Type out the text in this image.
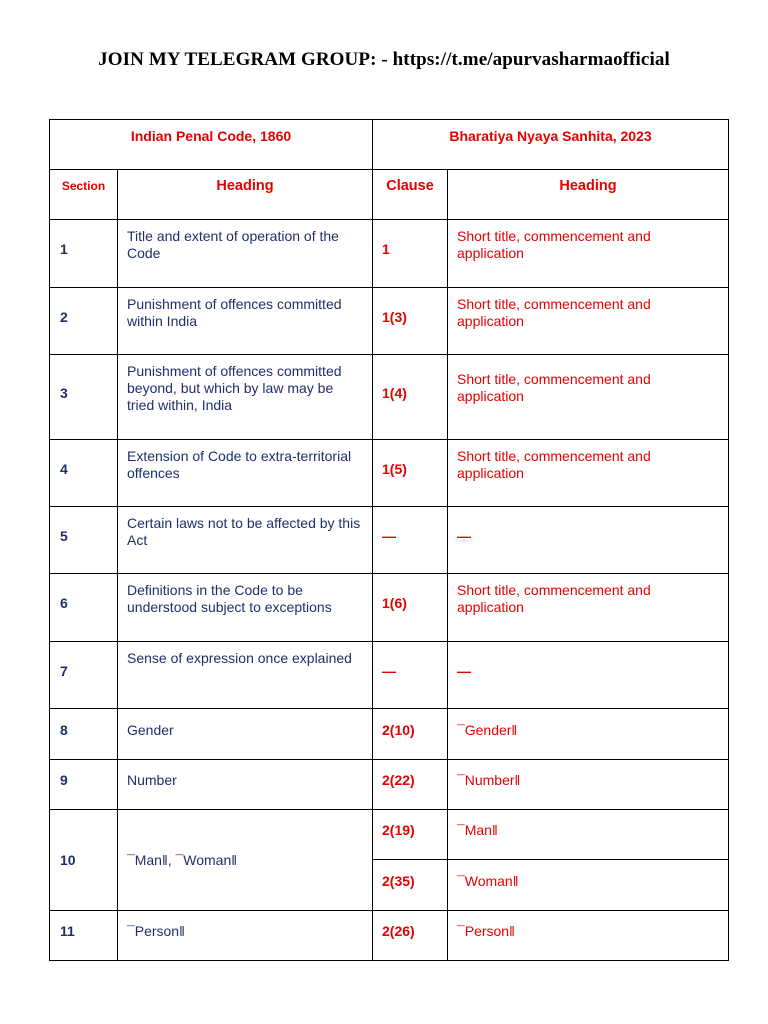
JOIN MY TELEGRAM GROUP: - https://t.me/apurvasharmaofficial
Indian Penal Code, 1860		Bharatiya Nyaya Sanhita, 2023	
Section	Heading	Clause	Heading
1	Title and extent of operation of the Code	1	Short title, commencement and application
2	Punishment of offences committed within India	1(3)	Short title, commencement and application
3	Punishment of offences committed beyond, but which by law may be tried within, India	1(4)	Short title, commencement and application
4	Extension of Code to extra-territorial offences	1(5)	Short title, commencement and application
5	Certain laws not to be affected by this Act	—	—
6	Definitions in the Code to be understood subject to exceptions	1(6)	Short title, commencement and application
7	Sense of expression once explained	—	—
8	Gender	2(10)	¯Gender‖
9	Number	2(22)	¯Number‖
10	¯Man‖, ¯Woman‖	2(19)	¯Man‖
		2(35)	¯Woman‖
11	¯Person‖	2(26)	¯Person‖
